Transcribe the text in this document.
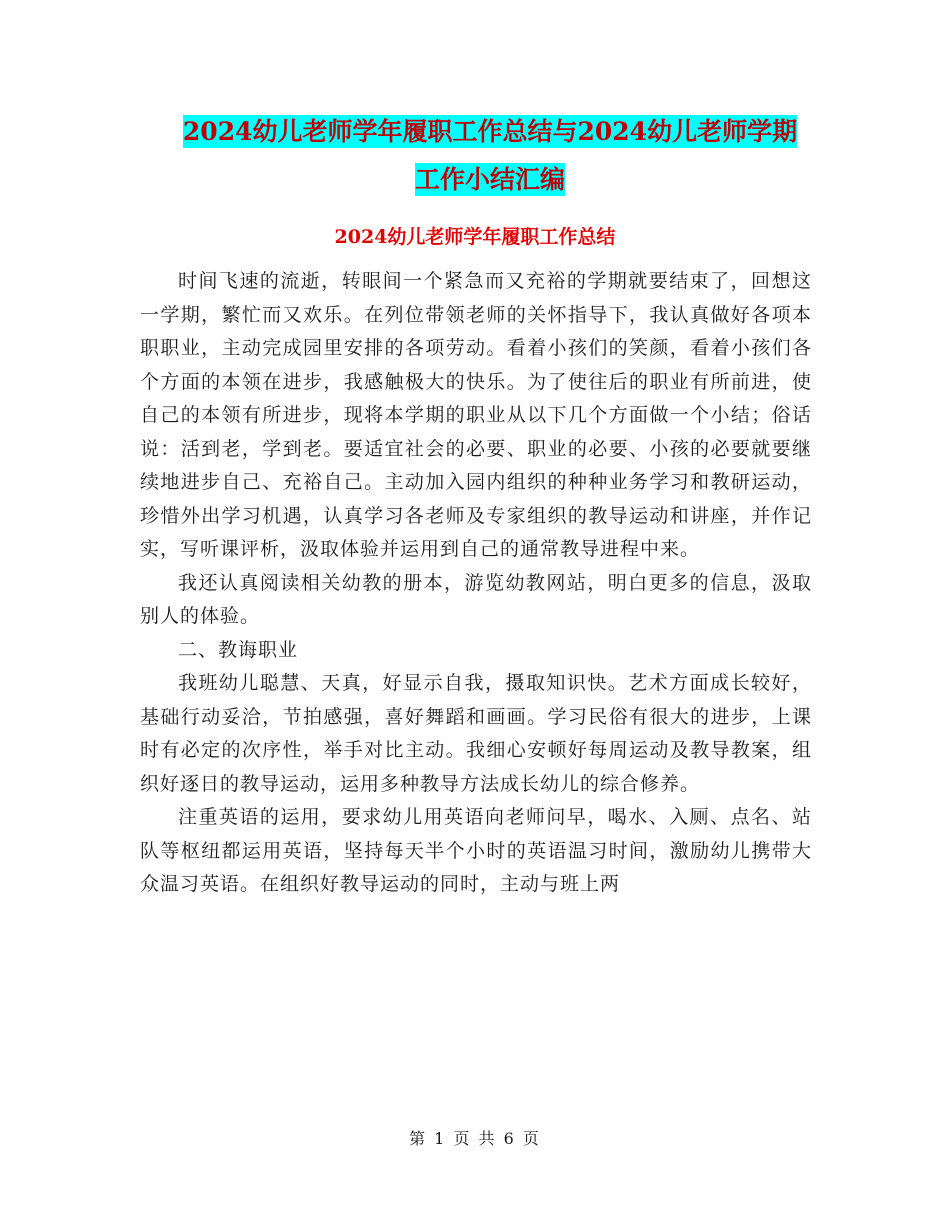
2024幼儿老师学年履职工作总结与2024幼儿老师学期
工作小结汇编
2024幼儿老师学年履职工作总结

时间飞速的流逝，转眼间一个紧急而又充裕的学期就要结束了，回想这一学期，繁忙而又欢乐。在列位带领老师的关怀指导下，我认真做好各项本职职业，主动完成园里安排的各项劳动。看着小孩们的笑颜，看着小孩们各个方面的本领在进步，我感触极大的快乐。为了使往后的职业有所前进，使自己的本领有所进步，现将本学期的职业从以下几个方面做一个小结；俗话说：活到老，学到老。要适宜社会的必要、职业的必要、小孩的必要就要继续地进步自己、充裕自己。主动加入园内组织的种种业务学习和教研运动，珍惜外出学习机遇，认真学习各老师及专家组织的教导运动和讲座，并作记实，写听课评析，汲取体验并运用到自己的通常教导进程中来。

我还认真阅读相关幼教的册本，游览幼教网站，明白更多的信息，汲取别人的体验。

二、教诲职业

我班幼儿聪慧、天真，好显示自我，摄取知识快。艺术方面成长较好，基础行动妥洽，节拍感强，喜好舞蹈和画画。学习民俗有很大的进步，上课时有必定的次序性，举手对比主动。我细心安顿好每周运动及教导教案，组织好逐日的教导运动，运用多种教导方法成长幼儿的综合修养。

注重英语的运用，要求幼儿用英语向老师问早，喝水、入厕、点名、站队等枢纽都运用英语，坚持每天半个小时的英语温习时间，激励幼儿携带大众温习英语。在组织好教导运动的同时，主动与班上两

第 1 页 共 6 页
